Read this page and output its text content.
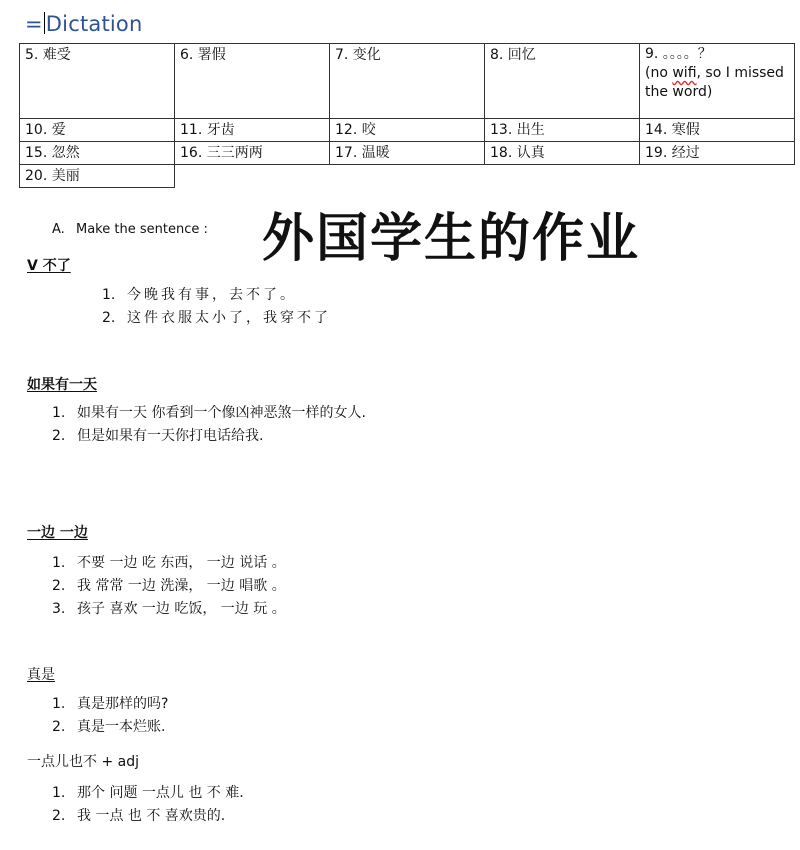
= Dictation
5. 难受	6. 署假	7. 变化	8. 回忆	9. 。。。。？
(no wifi, so I missed the word)

10. 爱	11. 牙齿	12. 咬	13. 出生	14. 寒假
15. 忽然	16. 三三两两	17. 温暖	18. 认真	19. 经过
20. 美丽				
外国学生的作业
A. Make the sentence :
V 不了
1. 今晚我有事，去不了。
2. 这件衣服太小了，我穿不了
如果有一天
1. 如果有一天 你看到一个像凶神恶煞一样的女人.
2. 但是如果有一天你打电话给我.
一边 一边
1. 不要 一边 吃 东西， 一边 说话 。
2. 我 常常 一边 洗澡， 一边 唱歌 。
3. 孩子 喜欢 一边 吃饭， 一边 玩 。
真是
1. 真是那样的吗?
2. 真是一本烂账.
一点儿也不 + adj
1. 那个 问题 一点儿 也 不 难.
2. 我 一点 也 不 喜欢贵的.
